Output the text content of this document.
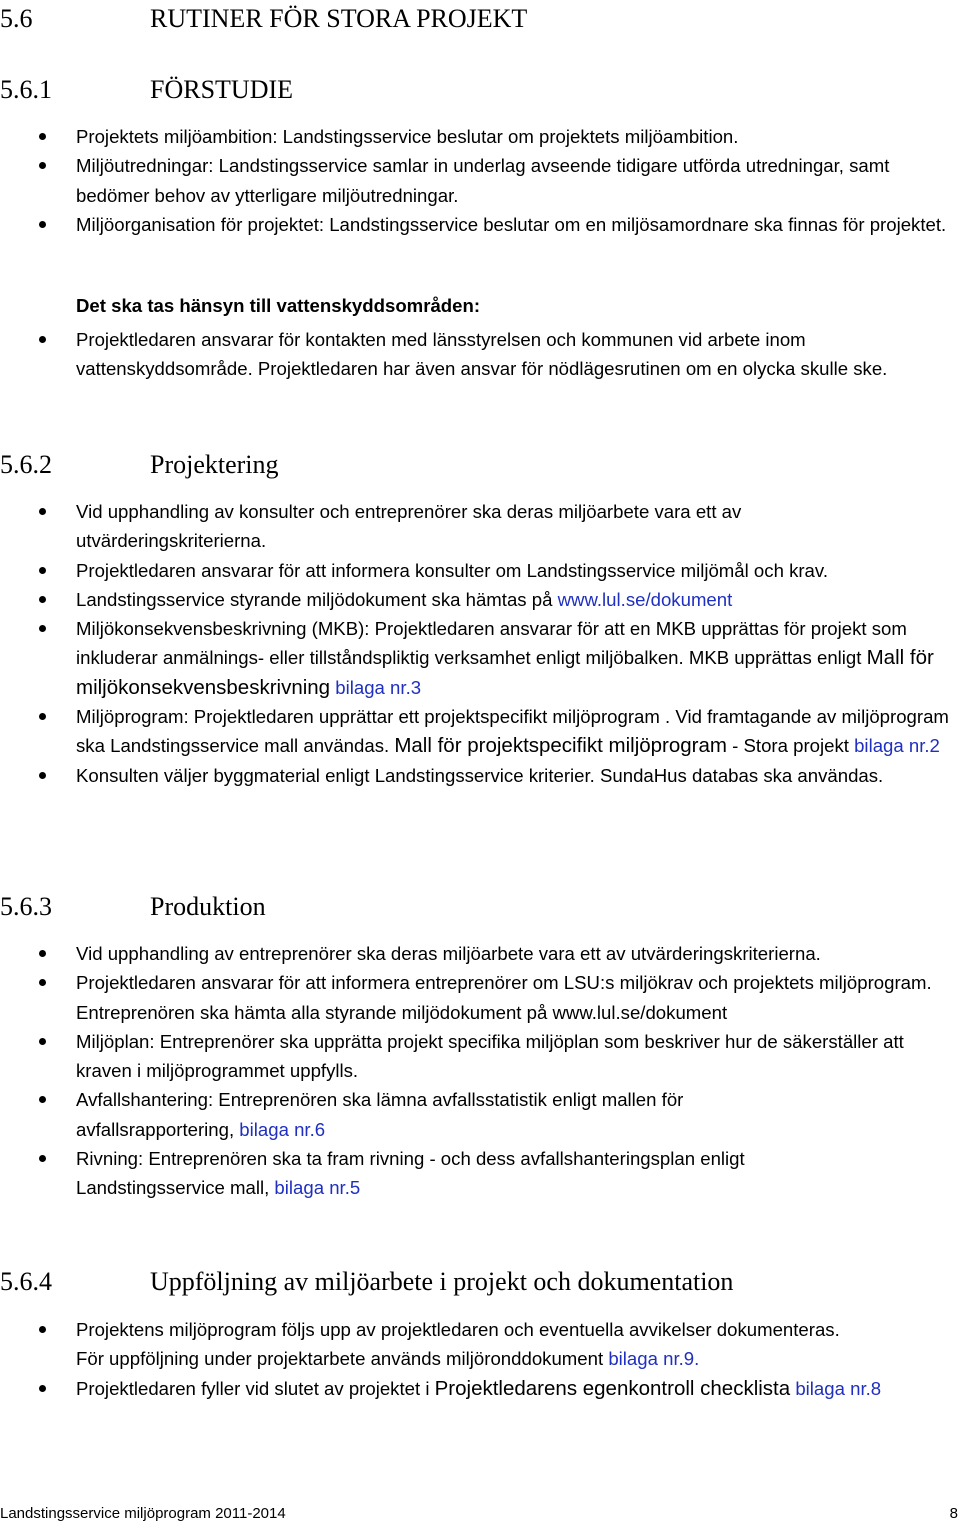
5.6	RUTINER FÖR STORA PROJEKT
5.6.1	FÖRSTUDIE
Projektets miljöambition: Landstingsservice beslutar om projektets miljöambition.
Miljöutredningar: Landstingsservice samlar in underlag avseende tidigare utförda utredningar, samt bedömer behov av ytterligare miljöutredningar.
Miljöorganisation för projektet: Landstingsservice beslutar om en miljösamordnare ska finnas för projektet.
Det ska tas hänsyn till vattenskyddsområden:
Projektledaren ansvarar för kontakten med länsstyrelsen och kommunen vid arbete inom vattenskyddsområde. Projektledaren har även ansvar för nödlägesrutinen om en olycka skulle ske.
5.6.2	Projektering
Vid upphandling av konsulter och entreprenörer ska deras miljöarbete vara ett av utvärderingskriterierna.
Projektledaren ansvarar för att informera konsulter om Landstingsservice miljömål och krav.
Landstingsservice styrande miljödokument ska hämtas på www.lul.se/dokument
Miljökonsekvensbeskrivning (MKB): Projektledaren ansvarar för att en MKB upprättas för projekt som inkluderar anmälnings- eller tillståndspliktig verksamhet enligt miljöbalken. MKB upprättas enligt Mall för miljökonsekvensbeskrivning bilaga nr.3
Miljöprogram: Projektledaren upprättar ett projektspecifikt miljöprogram . Vid framtagande av miljöprogram ska Landstingsservice mall användas. Mall för projektspecifikt miljöprogram - Stora projekt bilaga nr.2
Konsulten väljer byggmaterial enligt Landstingsservice kriterier. SundaHus databas ska användas.
5.6.3	Produktion
Vid upphandling av entreprenörer ska deras miljöarbete vara ett av utvärderingskriterierna.
Projektledaren ansvarar för att informera entreprenörer om LSU:s miljökrav och projektets miljöprogram. Entreprenören ska hämta alla styrande miljödokument på www.lul.se/dokument
Miljöplan: Entreprenörer ska upprätta projekt specifika miljöplan som beskriver hur de säkerställer att kraven i miljöprogrammet uppfylls.
Avfallshantering: Entreprenören ska lämna avfallsstatistik enligt mallen för avfallsrapportering, bilaga nr.6
Rivning: Entreprenören ska ta fram rivning - och dess avfallshanteringsplan enligt Landstingsservice mall, bilaga nr.5
5.6.4	Uppföljning av miljöarbete i projekt och dokumentation
Projektens miljöprogram följs upp av projektledaren och eventuella avvikelser dokumenteras. För uppföljning under projektarbete används miljöronddokument bilaga nr.9.
Projektledaren fyller vid slutet av projektet i Projektledarens egenkontroll checklista bilaga nr.8
Landstingsservice miljöprogram 2011-2014	8
